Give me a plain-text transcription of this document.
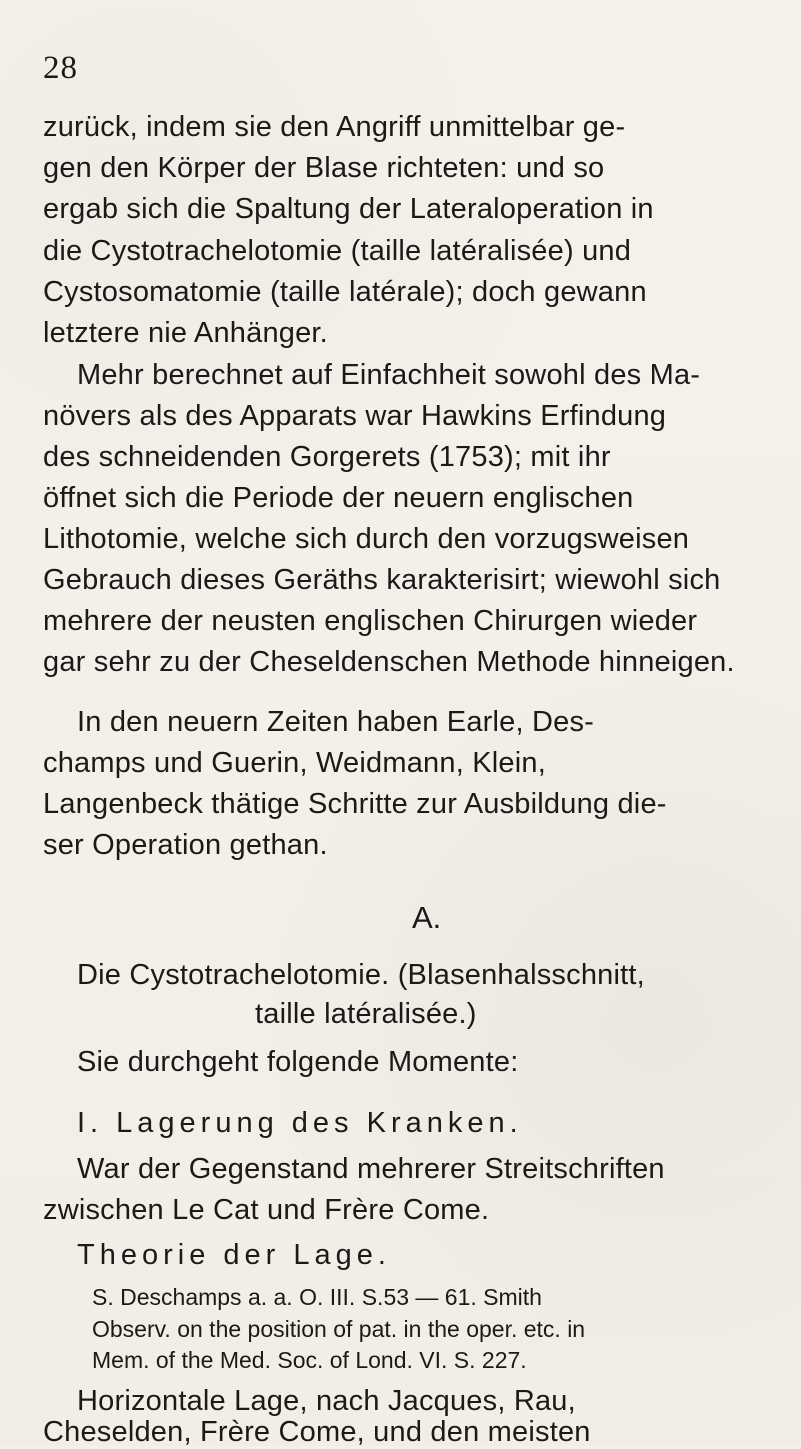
28
zurück, indem sie den Angriff unmittelbar ge-
gen den Körper der Blase richteten: und so
ergab sich die Spaltung der Lateraloperation in
die Cystotrachelotomie (taille latéralisée) und
Cystosomatomie (taille latérale); doch gewann
letztere nie Anhänger.
Mehr berechnet auf Einfachheit sowohl des Ma-
növers als des Apparats war Hawkins Erfindung
des schneidenden Gorgerets (1753); mit ihr
öffnet sich die Periode der neuern englischen
Lithotomie, welche sich durch den vorzugsweisen
Gebrauch dieses Geräths karakterisirt; wiewohl sich
mehrere der neusten englischen Chirurgen wieder
gar sehr zu der Cheseldenschen Methode hinneigen.
In den neuern Zeiten haben Earle, Des-
champs und Guerin, Weidmann, Klein,
Langenbeck thätige Schritte zur Ausbildung die-
ser Operation gethan.
A.
Die Cystotrachelotomie. (Blasenhalsschnitt,
taille latéralisée.)
Sie durchgeht folgende Momente:
I. Lagerung des Kranken.
War der Gegenstand mehrerer Streitschriften
zwischen Le Cat und Frère Come.
Theorie der Lage.
S. Deschamps a. a. O. III. S.53 — 61. Smith
Observ. on the position of pat. in the oper. etc. in
Mem. of the Med. Soc. of Lond. VI. S. 227.
Horizontale Lage, nach Jacques, Rau,
Cheselden, Frère Come, und den meisten
